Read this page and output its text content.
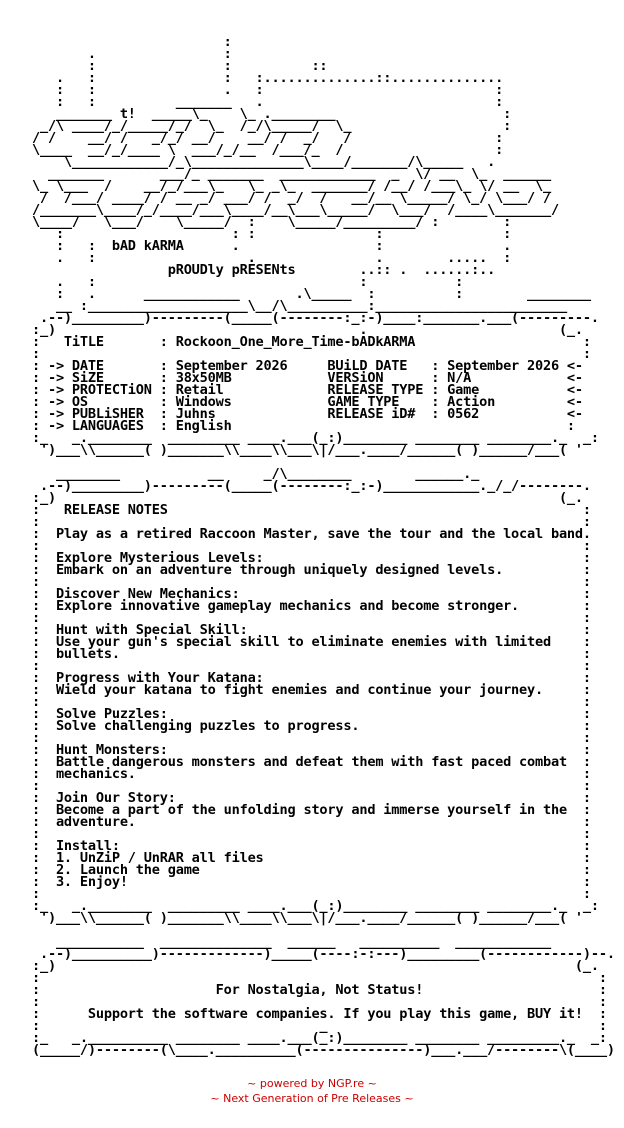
:
.                :
:                :          ::
.   :                :   :..............::..............
:   :                .   :                             :
:   :          _______   .                             :
_______ t!  _____\_    \_ .________                     :
_/\ ____/_/_____/_/  \_  /_/\_____/  \_                   :
/ /    __/ /   _/_/ __/    __/ /  _/   /                  :
\____  __/_/____ \  ___/_/__  /___/_  /                   :
\____________/_\______________\____/_______/\_____   .
_______       ___/_ _______  ____________  _  \/ __  \_  ______
\_ \___  /    __/_/___\_   \_ _\_  _______/ /__/ /___\_ \/ __  \_
/  /___/ ____/ / __ _/ ___/ /  _/  /   __/__ \_____/ \_/ \___/ /
/_______\____/_/____/___\____/__\___\_____/  \___/  /____\_______/
\____/   \___/    \_____/  :    \_____/_________/ :        :
:                     : :               :               :
:   :  bAD kARMA      .                 :               .
.   :                   .               .        .....  :
pROUDly pRESENts        ..:: .  ......:..
.   :                                 :           :
:   .      ____________       .\_____  :          :        ________
__ :____________________\__/\__________:________________________
.--)_________)---------(_____(--------:_:-)____:_______.___(---------.
:_)                                      .                        (_.
:   TiTLE       : Rockoon_One_More_Time-bADkARMA                     :
:                                                                    :
: -> DATE       : September 2026     BUiLD DATE   : September 2026 <-
: -> SiZE       : 38x50MB            VERSiON      : N/A            <-
: -> PROTECTiON : Retail             RELEASE TYPE : Game           <-
: -> OS         : Windows            GAME TYPE    : Action         <-
: -> PUBLiSHER  : Juhns              RELEASE iD#  : 0562           <-
: -> LANGUAGES  : English                                          :
:_   _.________  _________ ____.___(_:)________ ________ ________._  _:
')___\\______( )_______\\____\\___\|/___.____/______( )______/___( '

________           __     _/\________        ______._
.--)_________)---------(_____(--------:_:-)____________._/_/--------.
:_)                                                               (_.
:   RELEASE NOTES                                                    :
:                                                                    :
:  Play as a retired Raccoon Master, save the tour and the local band.
:                                                                    :
:  Explore Mysterious Levels:                                        :
:  Embark on an adventure through uniquely designed levels.          :
:                                                                    :
:  Discover New Mechanics:                                           :
:  Explore innovative gameplay mechanics and become stronger.        :
:                                                                    :
:  Hunt with Special Skill:                                          :
:  Use your gun's special skill to eliminate enemies with limited    :
:  bullets.                                                          :
:                                                                    :
:  Progress with Your Katana:                                        :
:  Wield your katana to fight enemies and continue your journey.     :
:                                                                    :
:  Solve Puzzles:                                                    :
:  Solve challenging puzzles to progress.                            :
:                                                                    :
:  Hunt Monsters:                                                    :
:  Battle dangerous monsters and defeat them with fast paced combat  :
:  mechanics.                                                        :
:                                                                    :
:  Join Our Story:                                                   :
:  Become a part of the unfolding story and immerse yourself in the  :
:  adventure.                                                        :
:                                                                    :
:  Install:                                                          :
:  1. UnZiP / UnRAR all files                                        :
:  2. Launch the game                                                :
:  3. Enjoy!                                                         :
:                                                                    :
:_   _.________  _________ ____.___(_:)________ ________ ________._  _:
')___\\______( )_______\\____\\___\|/___.____/______( )______/___( '

___________  ______________  ______   __________  ____________
.--)__________)-------------)_____(----:-:---)_________(------------)--.
:_)                                                                 (_.
:                                                                      :
:                      For Nostalgia, Not Status!                      :
:                                                                      :
:      Support the software companies. If you play this game, BUY it!  :
:                                   _                                  :
:_   _.__________ ________ ____.___(_:)________ ________ _________._  _:
(_____/)--------(\____.__________(---------------)___.___/--------\(____)
~ powered by NGP.re ~
~ Next Generation of Pre Releases ~
